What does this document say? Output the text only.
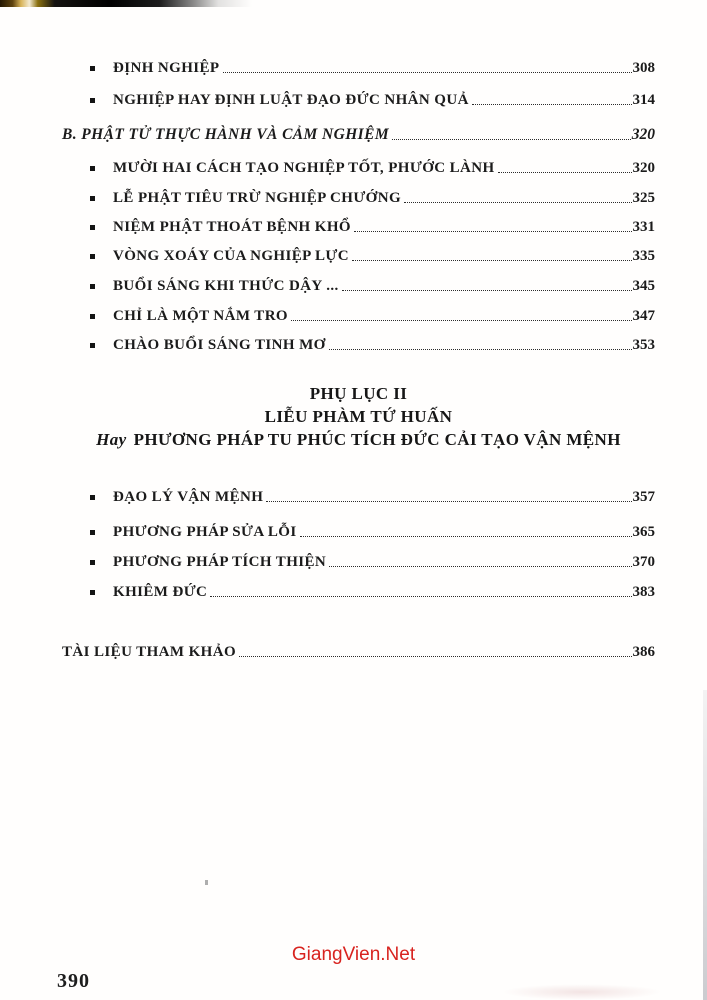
ĐỊNH NGHIỆP	308
NGHIỆP HAY ĐỊNH LUẬT ĐẠO ĐỨC NHÂN QUẢ	314
B. PHẬT TỬ THỰC HÀNH VÀ CẢM NGHIỆM	320
MƯỜI HAI CÁCH TẠO NGHIỆP TỐT, PHƯỚC LÀNH	320
LỄ PHẬT TIÊU TRỪ NGHIỆP CHƯỚNG	325
NIỆM PHẬT THOÁT BỆNH KHỔ	331
VÒNG XOÁY CỦA NGHIỆP LỰC	335
BUỔI SÁNG KHI THỨC DẬY ...	345
CHỈ LÀ MỘT NẮM TRO	347
CHÀO BUỔI SÁNG TINH MƠ	353
PHỤ LỤC II
LIỄU PHÀM TỨ HUẤN
Hay PHƯƠNG PHÁP TU PHÚC TÍCH ĐỨC CẢI TẠO VẬN MỆNH
ĐẠO LÝ VẬN MỆNH	357
PHƯƠNG PHÁP SỬA LỖI	365
PHƯƠNG PHÁP TÍCH THIỆN	370
KHIÊM ĐỨC	383
TÀI LIỆU THAM KHẢO	386
GiangVien.Net
390
